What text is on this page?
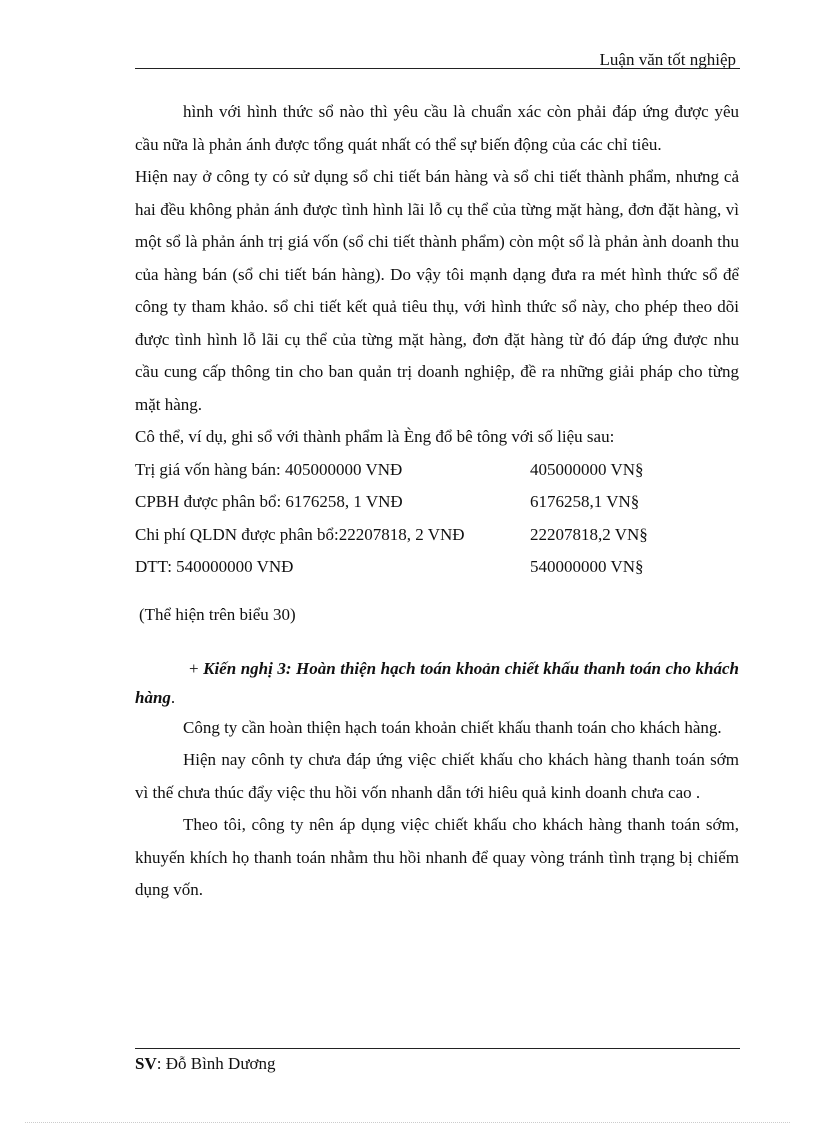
Luận văn tốt nghiệp

hình với hình thức sổ nào thì yêu cầu là chuẩn xác còn phải đáp ứng được yêu cầu nữa là phản ánh được tổng quát nhất có thể sự biến động của các chỉ tiêu.

Hiện nay ở công ty có sử dụng sổ chi tiết bán hàng và sổ chi tiết thành phẩm, nhưng cả hai đều không phản ánh được tình hình lãi lỗ cụ thể của từng mặt hàng, đơn đặt hàng, vì một sổ là phản ánh trị giá vốn (sổ chi tiết thành phẩm) còn một sổ là phản ành doanh thu của hàng bán (sổ chi tiết bán hàng). Do vậy tôi mạnh dạng đưa ra mét hình thức sổ để công ty tham khảo. sổ chi tiết kết quả tiêu thụ, với hình thức sổ này, cho phép theo dõi được tình hình lỗ lãi cụ thể của từng mặt hàng, đơn đặt hàng từ đó đáp ứng được nhu cầu cung cấp thông tin cho ban quản trị doanh nghiệp, đề ra những giải pháp cho từng mặt hàng.

Cô thể, ví dụ, ghi sổ với thành phẩm là Èng đổ bê tông với số liệu sau:

Trị giá vốn hàng bán: 405000000 VNĐ	405000000 VN§
CPBH được phân bổ: 6176258, 1 VNĐ	6176258,1 VN§
Chi phí QLDN được phân bổ:22207818, 2 VNĐ	22207818,2 VN§
DTT: 540000000 VNĐ	540000000 VN§
(Thể hiện trên biểu 30)

+ Kiến nghị 3: Hoàn thiện hạch toán khoản chiết khấu thanh toán cho khách hàng.

Công ty cần hoàn thiện hạch toán khoản chiết khấu thanh toán cho khách hàng.

Hiện nay cônh ty chưa đáp ứng việc chiết khấu cho khách hàng thanh toán sớm vì thế chưa thúc đẩy việc thu hồi vốn nhanh dẫn tới hiêu quả kinh doanh chưa cao .

Theo tôi, công ty nên áp dụng việc chiết khấu cho khách hàng thanh toán sớm, khuyến khích họ thanh toán nhằm thu hồi nhanh để quay vòng tránh tình trạng bị chiếm dụng vốn.

SV: Đỗ Bình Dương
